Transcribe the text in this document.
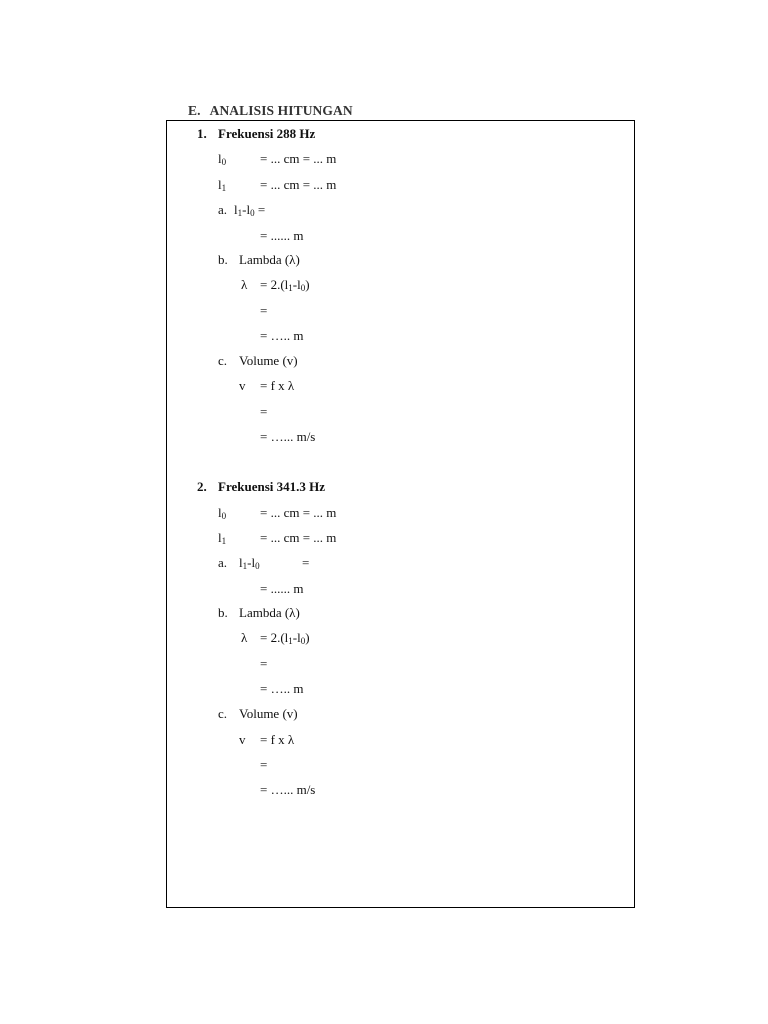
E. ANALISIS HITUNGAN
1. Frekuensi 288 Hz
$l_0$	= ... cm = ... m
$l_1$	= ... cm = ... m
a. $l_1-l_0$ =
= ...... m
b. Lambda (λ)
$\lambda = 2.(l_1-l_0)$
=
= ….. m
c. Volume (v)
v = f x λ
=
= …... m/s
2. Frekuensi 341.3 Hz
$l_0$	= ... cm = ... m
$l_1$	= ... cm = ... m
a. $l_1-l_0$	=
= ...... m
b. Lambda (λ)
$\lambda = 2.(l_1-l_0)$
=
= ….. m
c. Volume (v)
v = f x λ
=
= …... m/s
